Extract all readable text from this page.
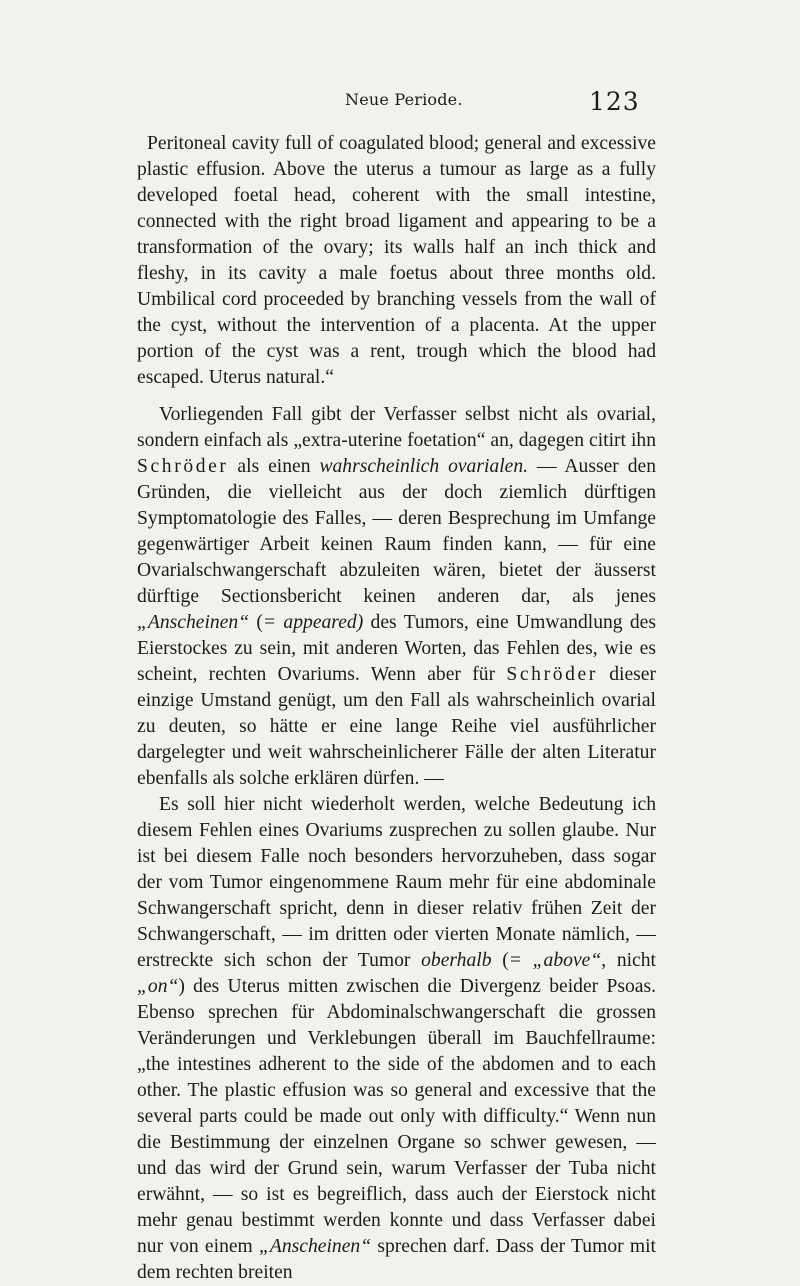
Neue Periode.	123

Peritoneal cavity full of coagulated blood; general and excessive plastic effusion. Above the uterus a tumour as large as a fully developed foetal head, coherent with the small intestine, connected with the right broad ligament and appearing to be a transformation of the ovary; its walls half an inch thick and fleshy, in its cavity a male foetus about three months old. Umbilical cord proceeded by branching vessels from the wall of the cyst, without the intervention of a placenta. At the upper portion of the cyst was a rent, trough which the blood had escaped. Uterus natural.“

Vorliegenden Fall gibt der Verfasser selbst nicht als ovarial, sondern einfach als „extra-uterine foetation“ an, dagegen citirt ihn Schröder als einen wahrscheinlich ovarialen. — Ausser den Gründen, die vielleicht aus der doch ziemlich dürftigen Symptomatologie des Falles, — deren Besprechung im Umfange gegenwärtiger Arbeit keinen Raum finden kann, — für eine Ovarialschwangerschaft abzuleiten wären, bietet der äusserst dürftige Sectionsbericht keinen anderen dar, als jenes „Anscheinen“ (= appeared) des Tumors, eine Umwandlung des Eierstockes zu sein, mit anderen Worten, das Fehlen des, wie es scheint, rechten Ovariums. Wenn aber für Schröder dieser einzige Umstand genügt, um den Fall als wahrscheinlich ovarial zu deuten, so hätte er eine lange Reihe viel ausführlicher dargelegter und weit wahrscheinlicherer Fälle der alten Literatur ebenfalls als solche erklären dürfen. —

Es soll hier nicht wiederholt werden, welche Bedeutung ich diesem Fehlen eines Ovariums zusprechen zu sollen glaube. Nur ist bei diesem Falle noch besonders hervorzuheben, dass sogar der vom Tumor eingenommene Raum mehr für eine abdominale Schwangerschaft spricht, denn in dieser relativ frühen Zeit der Schwangerschaft, — im dritten oder vierten Monate nämlich, — erstreckte sich schon der Tumor oberhalb (= „above“, nicht „on“) des Uterus mitten zwischen die Divergenz beider Psoas. Ebenso sprechen für Abdominalschwangerschaft die grossen Veränderungen und Verklebungen überall im Bauchfellraume: „the intestines adherent to the side of the abdomen and to each other. The plastic effusion was so general and excessive that the several parts could be made out only with difficulty.“ Wenn nun die Bestimmung der einzelnen Organe so schwer gewesen, — und das wird der Grund sein, warum Verfasser der Tuba nicht erwähnt, — so ist es begreiflich, dass auch der Eierstock nicht mehr genau bestimmt werden konnte und dass Verfasser dabei nur von einem „Anscheinen“ sprechen darf. Dass der Tumor mit dem rechten breiten
